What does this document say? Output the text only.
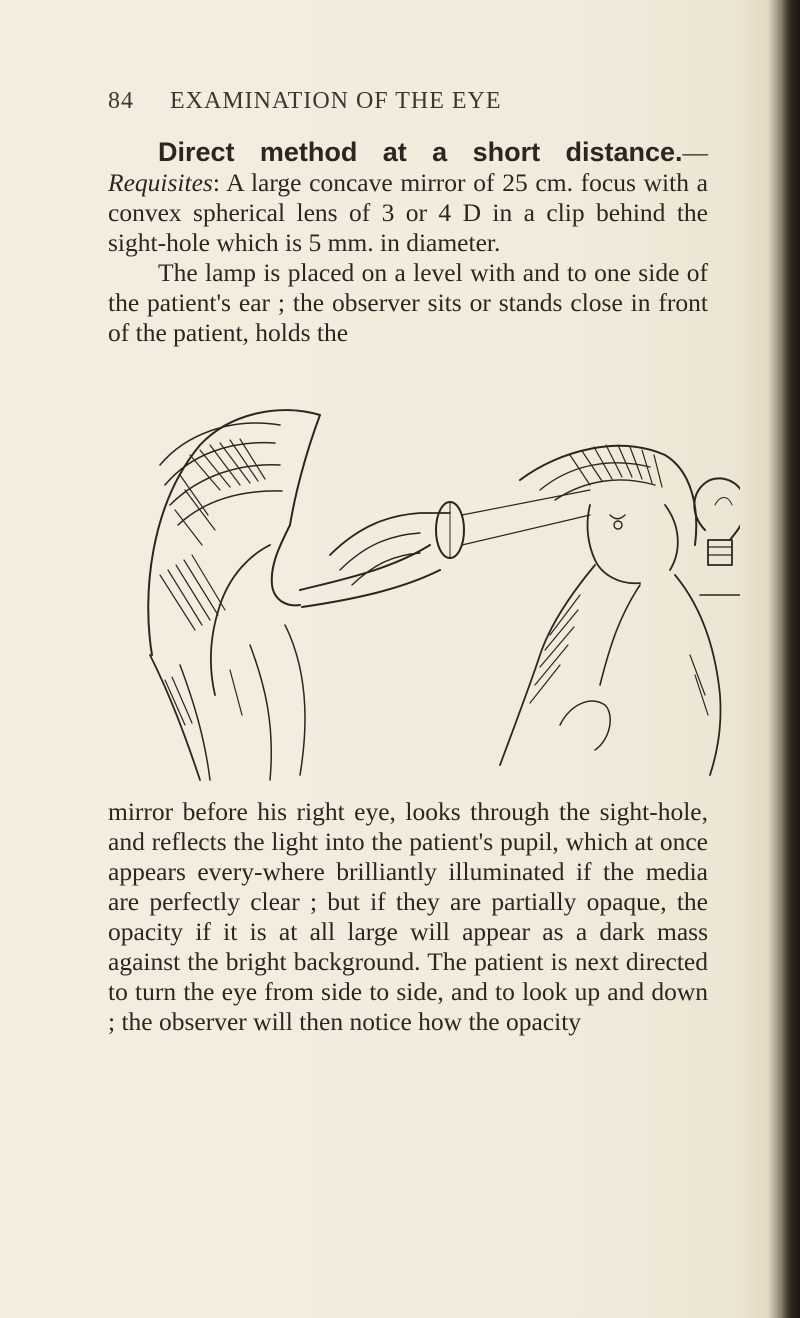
84 EXAMINATION OF THE EYE
Direct method at a short distance.— Requisites: A large concave mirror of 25 cm. focus with a convex spherical lens of 3 or 4 D in a clip behind the sight-hole which is 5 mm. in diameter.
The lamp is placed on a level with and to one side of the patient's ear ; the observer sits or stands close in front of the patient, holds the
mirror before his right eye, looks through the sight-hole, and reflects the light into the patient's pupil, which at once appears every-where brilliantly illuminated if the media are perfectly clear ; but if they are partially opaque, the opacity if it is at all large will appear as a dark mass against the bright background. The patient is next directed to turn the eye from side to side, and to look up and down ; the observer will then notice how the opacity
